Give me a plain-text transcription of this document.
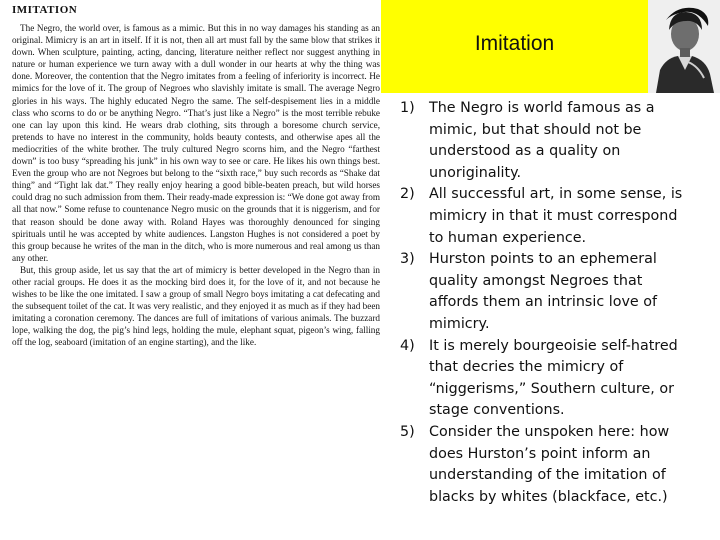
IMITATION

The Negro, the world over, is famous as a mimic. But this in no way damages his standing as an original. Mimicry is an art in itself. If it is not, then all art must fall by the same blow that strikes it down. When sculpture, painting, acting, dancing, literature neither reflect nor suggest anything in nature or human experience we turn away with a dull wonder in our hearts at why the thing was done. Moreover, the contention that the Negro imitates from a feeling of inferiority is incorrect. He mimics for the love of it. The group of Negroes who slavishly imitate is small. The average Negro glories in his ways. The highly educated Negro the same. The self-despisement lies in a middle class who scorns to do or be anything Negro. “That’s just like a Negro” is the most terrible rebuke one can lay upon this kind. He wears drab clothing, sits through a boresome church service, pretends to have no interest in the community, holds beauty contests, and otherwise apes all the mediocrities of the white brother. The truly cultured Negro scorns him, and the Negro “farthest down” is too busy “spreading his junk” in his own way to see or care. He likes his own things best. Even the group who are not Negroes but belong to the “sixth race,” buy such records as “Shake dat thing” and “Tight lak dat.” They really enjoy hearing a good bible-beaten preach, but wild horses could drag no such admission from them. Their ready-made expression is: “We done got away from all that now.” Some refuse to countenance Negro music on the grounds that it is niggerism, and for that reason should be done away with. Roland Hayes was thoroughly denounced for singing spirituals until he was accepted by white audiences. Langston Hughes is not considered a poet by this group because he writes of the man in the ditch, who is more numerous and real among us than any other.

But, this group aside, let us say that the art of mimicry is better developed in the Negro than in other racial groups. He does it as the mocking bird does it, for the love of it, and not because he wishes to be like the one imitated. I saw a group of small Negro boys imitating a cat defecating and the subsequent toilet of the cat. It was very realistic, and they enjoyed it as much as if they had been imitating a coronation ceremony. The dances are full of imitations of various animals. The buzzard lope, walking the dog, the pig’s hind legs, holding the mule, elephant squat, pigeon’s wing, falling off the log, seaboard (imitation of an engine starting), and the like.

Imitation
1) The Negro is world famous as a mimic, but that should not be understood as a quality on unoriginality.
2) All successful art, in some sense, is mimicry in that it must correspond to human experience.
3) Hurston points to an ephemeral quality amongst Negroes that affords them an intrinsic love of mimicry.
4) It is merely bourgeoisie self-hatred that decries the mimicry of “niggerisms,” Southern culture, or stage conventions.
5) Consider the unspoken here: how does Hurston’s point inform an understanding of the imitation of blacks by whites (blackface, etc.)
